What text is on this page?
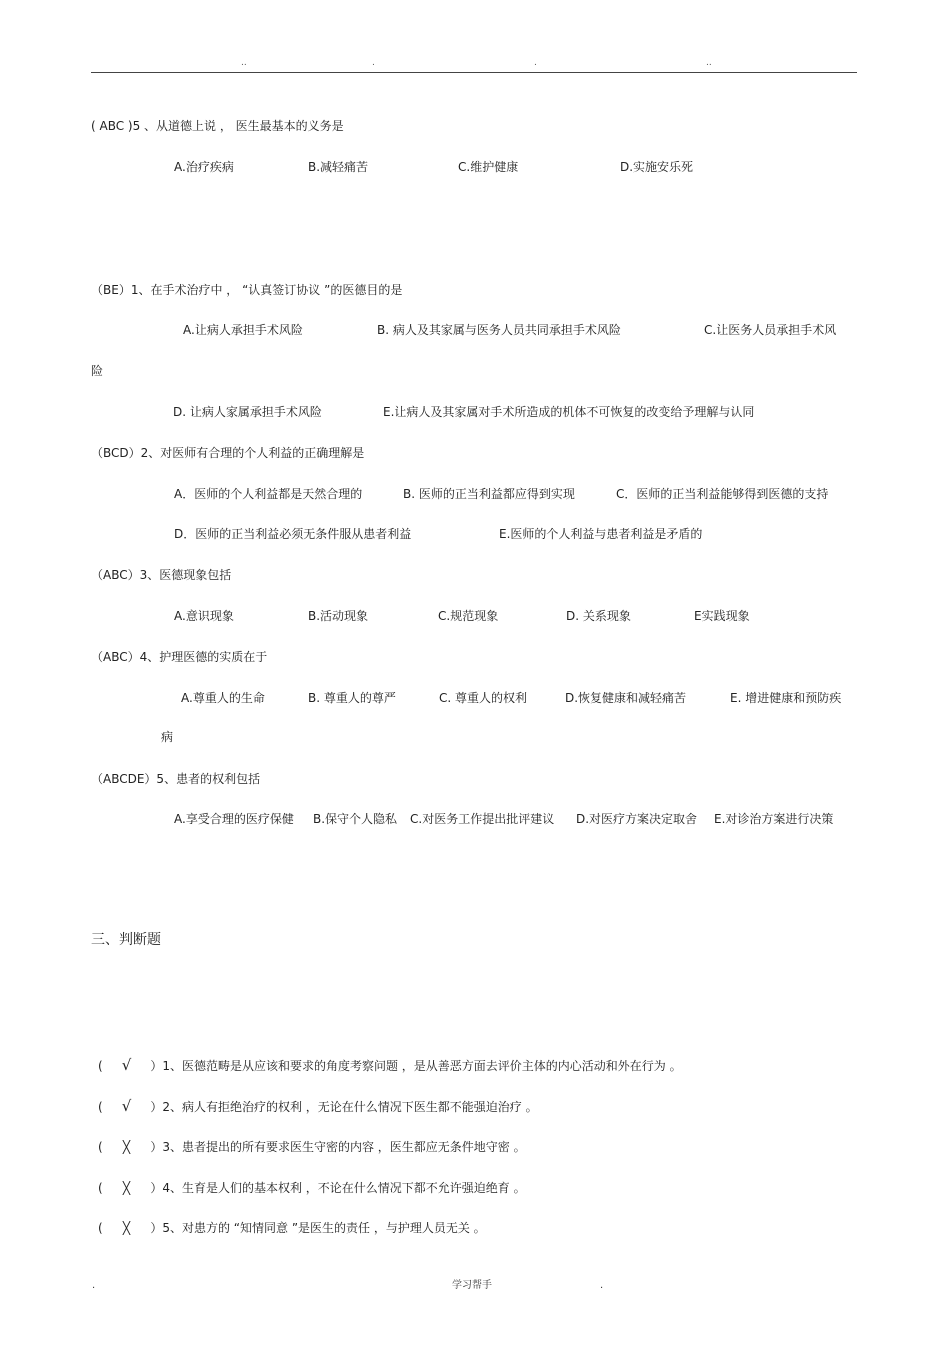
..	.	.	..
( ABC )5 、从道德上说 ， 医生最基本的义务是
A.治疗疾病	B.减轻痛苦	C.维护健康	D.实施安乐死
（BE）1、在手术治疗中 ， “认真签订协议 ”的医德目的是
A.让病人承担手术风险	B. 病人及其家属与医务人员共同承担手术风险	C.让医务人员承担手术风
险
D. 让病人家属承担手术风险	E.让病人及其家属对手术所造成的机体不可恢复的改变给予理解与认同
（BCD）2、对医师有合理的个人利益的正确理解是
A．医师的个人利益都是天然合理的	B. 医师的正当利益都应得到实现	C．医师的正当利益能够得到医德的支持
D．医师的正当利益必须无条件服从患者利益	E.医师的个人利益与患者利益是矛盾的
（ABC）3、医德现象包括
A.意识现象	B.活动现象	C.规范现象	D. 关系现象	E实践现象
（ABC）4、护理医德的实质在于
A.尊重人的生命	B. 尊重人的尊严	C. 尊重人的权利	D.恢复健康和减轻痛苦	E. 增进健康和预防疾
病
（ABCDE）5、患者的权利包括
A.享受合理的医疗保健 B.保守个人隐私 C.对医务工作提出批评建议 D.对医疗方案决定取舍 E.对诊治方案进行决策
三、判断题
( √ ）1、医德范畴是从应该和要求的角度考察问题 ，是从善恶方面去评价主体的内心活动和外在行为 。
( √ ）2、病人有拒绝治疗的权利 ，无论在什么情况下医生都不能强迫治疗 。
( ╳ ）3、患者提出的所有要求医生守密的内容 ，医生都应无条件地守密 。
( ╳ ）4、生育是人们的基本权利 ，不论在什么情况下都不允许强迫绝育 。
( ╳ ）5、对患方的 “知情同意 ”是医生的责任 ，与护理人员无关 。
.	学习帮手	.
